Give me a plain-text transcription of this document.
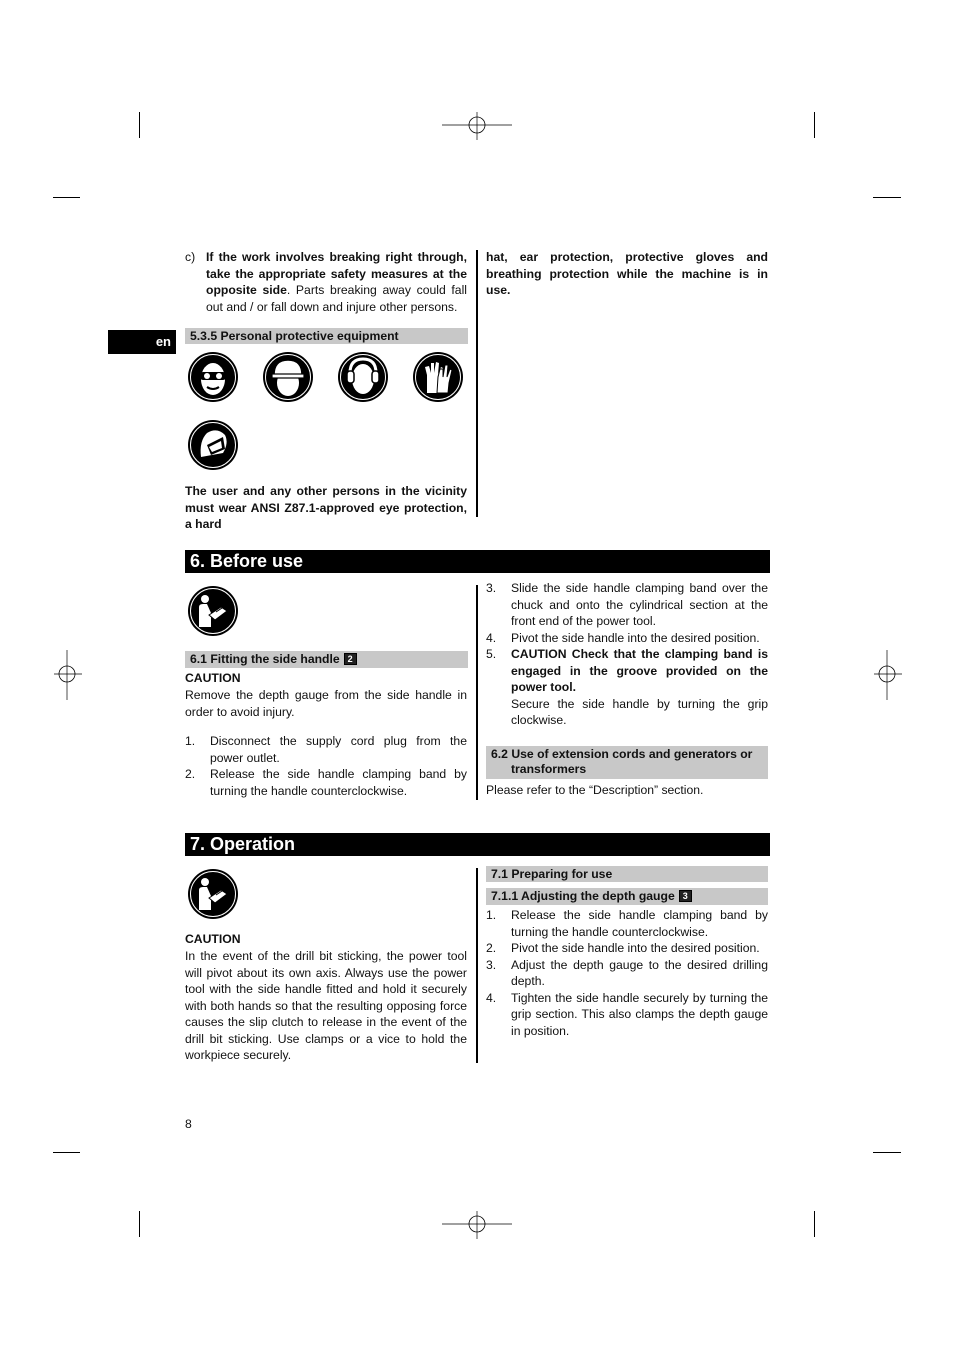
en
c) If the work involves breaking right through, take the appropriate safety measures at the opposite side. Parts breaking away could fall out and / or fall down and injure other persons.
5.3.5 Personal protective equipment
The user and any other persons in the vicinity must wear ANSI Z87.1-approved eye protection, a hard
hat, ear protection, protective gloves and breathing protection while the machine is in use.
6. Before use
6.1 Fitting the side handle 2
CAUTION
Remove the depth gauge from the side handle in order to avoid injury.
1. Disconnect the supply cord plug from the power outlet.
2. Release the side handle clamping band by turning the handle counterclockwise.
3. Slide the side handle clamping band over the chuck and onto the cylindrical section at the front end of the power tool.
4. Pivot the side handle into the desired position.
5. CAUTION Check that the clamping band is engaged in the groove provided on the power tool.
Secure the side handle by turning the grip clockwise.
6.2 Use of extension cords and generators or transformers
Please refer to the “Description” section.
7. Operation
CAUTION
In the event of the drill bit sticking, the power tool will pivot about its own axis. Always use the power tool with the side handle fitted and hold it securely with both hands so that the resulting opposing force causes the slip clutch to release in the event of the drill bit sticking. Use clamps or a vice to hold the workpiece securely.
7.1 Preparing for use
7.1.1 Adjusting the depth gauge 3
1. Release the side handle clamping band by turning the handle counterclockwise.
2. Pivot the side handle into the desired position.
3. Adjust the depth gauge to the desired drilling depth.
4. Tighten the side handle securely by turning the grip section. This also clamps the depth gauge in position.
8
